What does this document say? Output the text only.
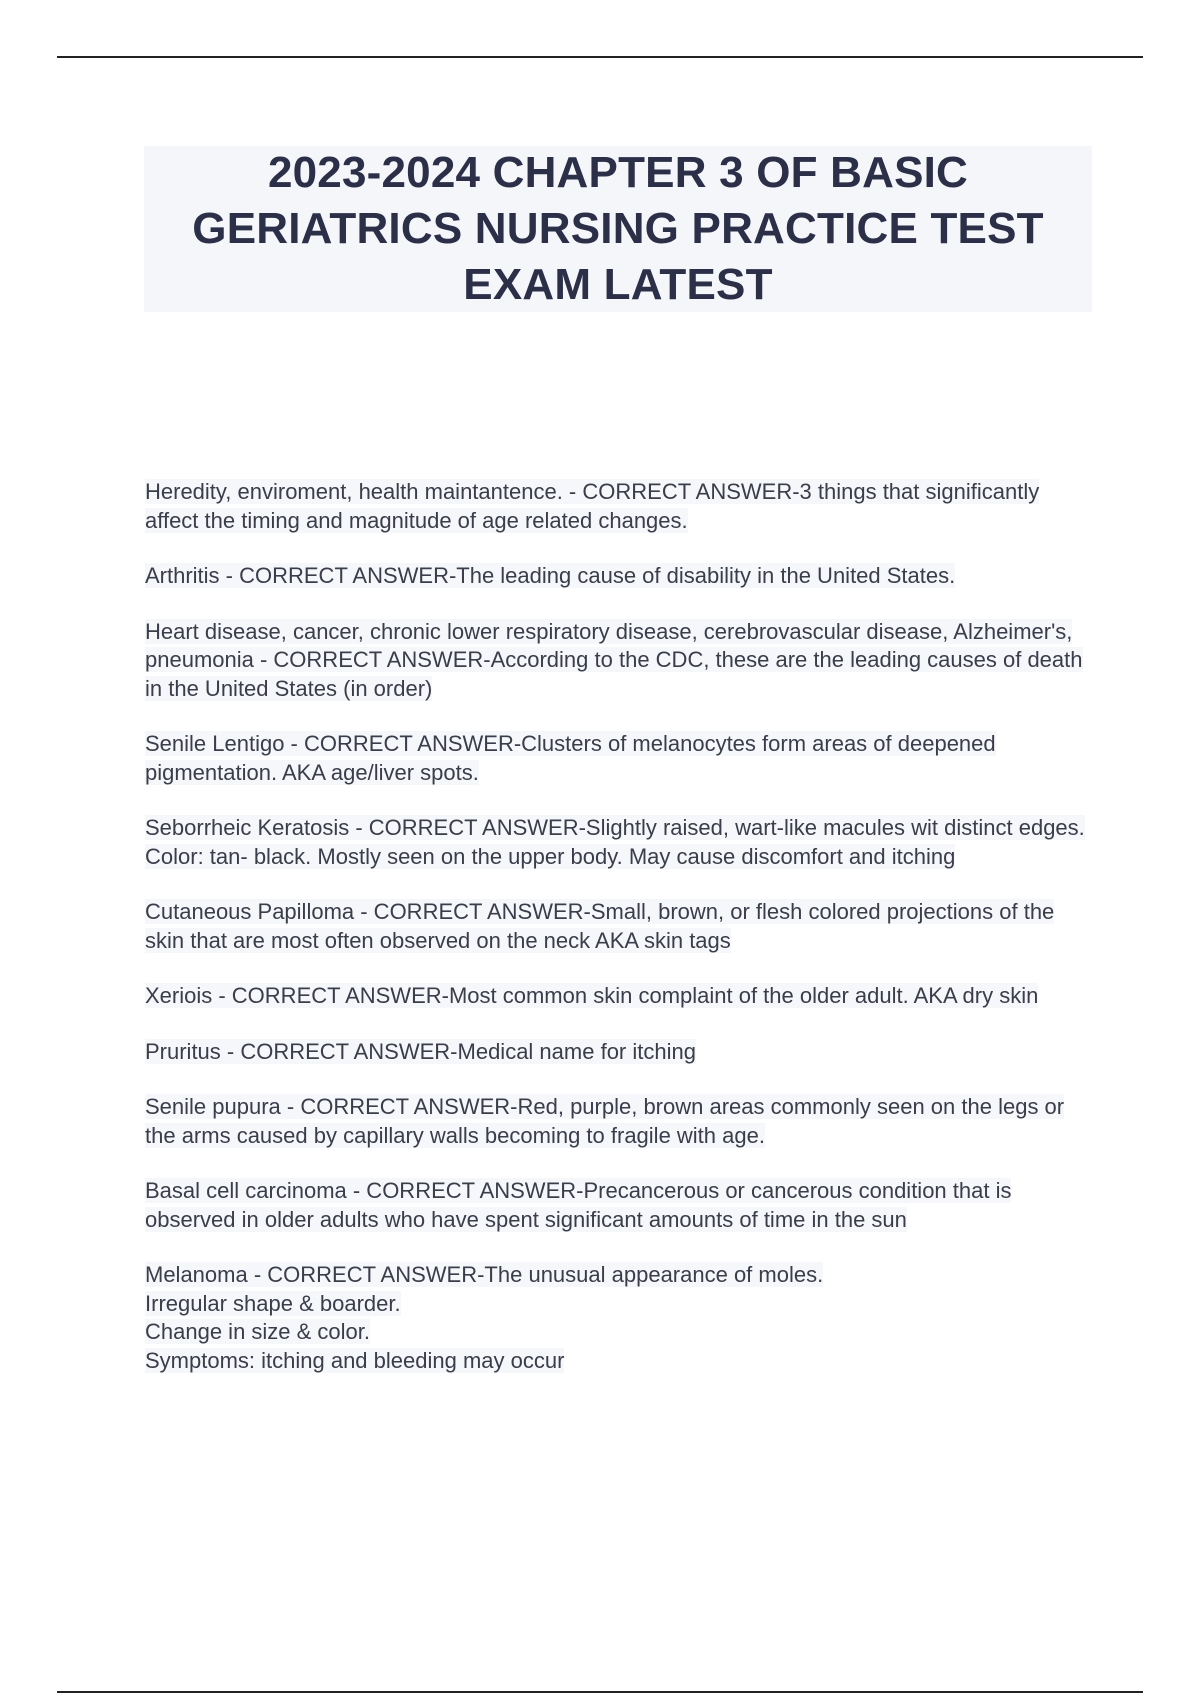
2023-2024 CHAPTER 3 OF BASIC GERIATRICS NURSING PRACTICE TEST EXAM LATEST
Heredity, enviroment, health maintantence. - CORRECT ANSWER-3 things that significantly affect the timing and magnitude of age related changes.
Arthritis - CORRECT ANSWER-The leading cause of disability in the United States.
Heart disease, cancer, chronic lower respiratory disease, cerebrovascular disease, Alzheimer's, pneumonia - CORRECT ANSWER-According to the CDC, these are the leading causes of death in the United States (in order)
Senile Lentigo - CORRECT ANSWER-Clusters of melanocytes form areas of deepened pigmentation. AKA age/liver spots.
Seborrheic Keratosis - CORRECT ANSWER-Slightly raised, wart-like macules wit distinct edges. Color: tan- black. Mostly seen on the upper body. May cause discomfort and itching
Cutaneous Papilloma - CORRECT ANSWER-Small, brown, or flesh colored projections of the skin that are most often observed on the neck AKA skin tags
Xeriois - CORRECT ANSWER-Most common skin complaint of the older adult. AKA dry skin
Pruritus - CORRECT ANSWER-Medical name for itching
Senile pupura - CORRECT ANSWER-Red, purple, brown areas commonly seen on the legs or the arms caused by capillary walls becoming to fragile with age.
Basal cell carcinoma - CORRECT ANSWER-Precancerous or cancerous condition that is observed in older adults who have spent significant amounts of time in the sun
Melanoma - CORRECT ANSWER-The unusual appearance of moles.
Irregular shape & boarder.
Change in size & color.
Symptoms: itching and bleeding may occur
